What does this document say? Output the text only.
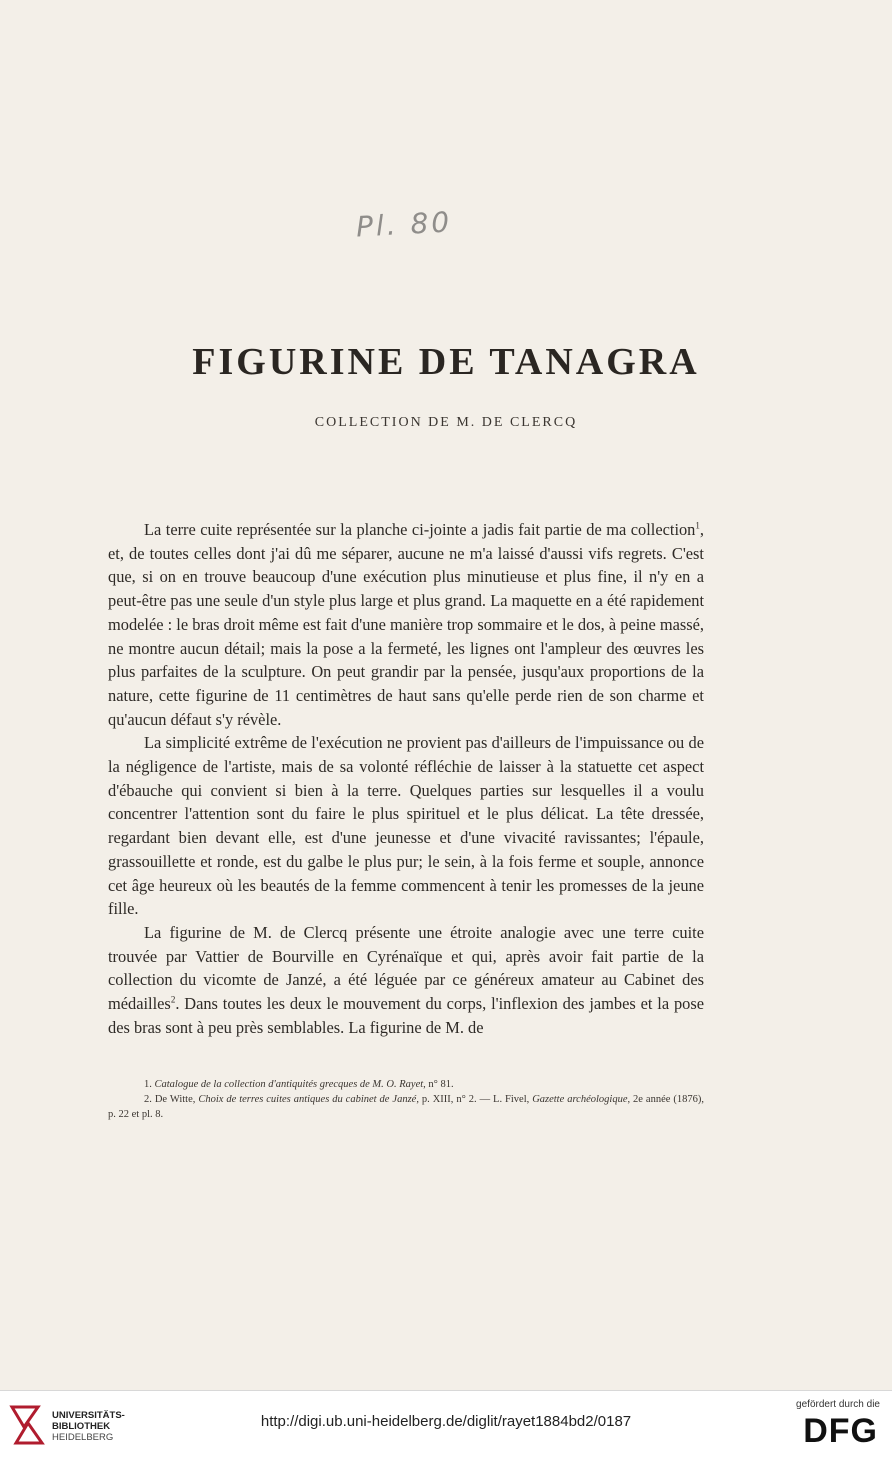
Pl. 80
FIGURINE DE TANAGRA
COLLECTION DE M. DE CLERCQ

La terre cuite représentée sur la planche ci-jointe a jadis fait partie de ma collection$^1$, et, de toutes celles dont j'ai dû me séparer, aucune ne m'a laissé d'aussi vifs regrets. C'est que, si on en trouve beaucoup d'une exécution plus minutieuse et plus fine, il n'y en a peut-être pas une seule d'un style plus large et plus grand. La maquette en a été rapidement modelée : le bras droit même est fait d'une manière trop sommaire et le dos, à peine massé, ne montre aucun détail; mais la pose a la fermeté, les lignes ont l'ampleur des œuvres les plus parfaites de la sculpture. On peut grandir par la pensée, jusqu'aux proportions de la nature, cette figurine de 11 centimètres de haut sans qu'elle perde rien de son charme et qu'aucun défaut s'y révèle.

La simplicité extrême de l'exécution ne provient pas d'ailleurs de l'impuissance ou de la négligence de l'artiste, mais de sa volonté réfléchie de laisser à la statuette cet aspect d'ébauche qui convient si bien à la terre. Quelques parties sur lesquelles il a voulu concentrer l'attention sont du faire le plus spirituel et le plus délicat. La tête dressée, regardant bien devant elle, est d'une jeunesse et d'une vivacité ravissantes; l'épaule, grassouillette et ronde, est du galbe le plus pur; le sein, à la fois ferme et souple, annonce cet âge heureux où les beautés de la femme commencent à tenir les promesses de la jeune fille.

La figurine de M. de Clercq présente une étroite analogie avec une terre cuite trouvée par Vattier de Bourville en Cyrénaïque et qui, après avoir fait partie de la collection du vicomte de Janzé, a été léguée par ce généreux amateur au Cabinet des médailles$^2$. Dans toutes les deux le mouvement du corps, l'inflexion des jambes et la pose des bras sont à peu près semblables. La figurine de M. de

1. Catalogue de la collection d'antiquités grecques de M. O. Rayet, n° 81.
2. De Witte, Choix de terres cuites antiques du cabinet de Janzé, p. XIII, n° 2. — L. Fivel, Gazette archéologique, 2e année (1876), p. 22 et pl. 8.
UNIVERSITÄTS-
BIBLIOTHEK
HEIDELBERG
http://digi.ub.uni-heidelberg.de/diglit/rayet1884bd2/0187
gefördert durch die
DFG
